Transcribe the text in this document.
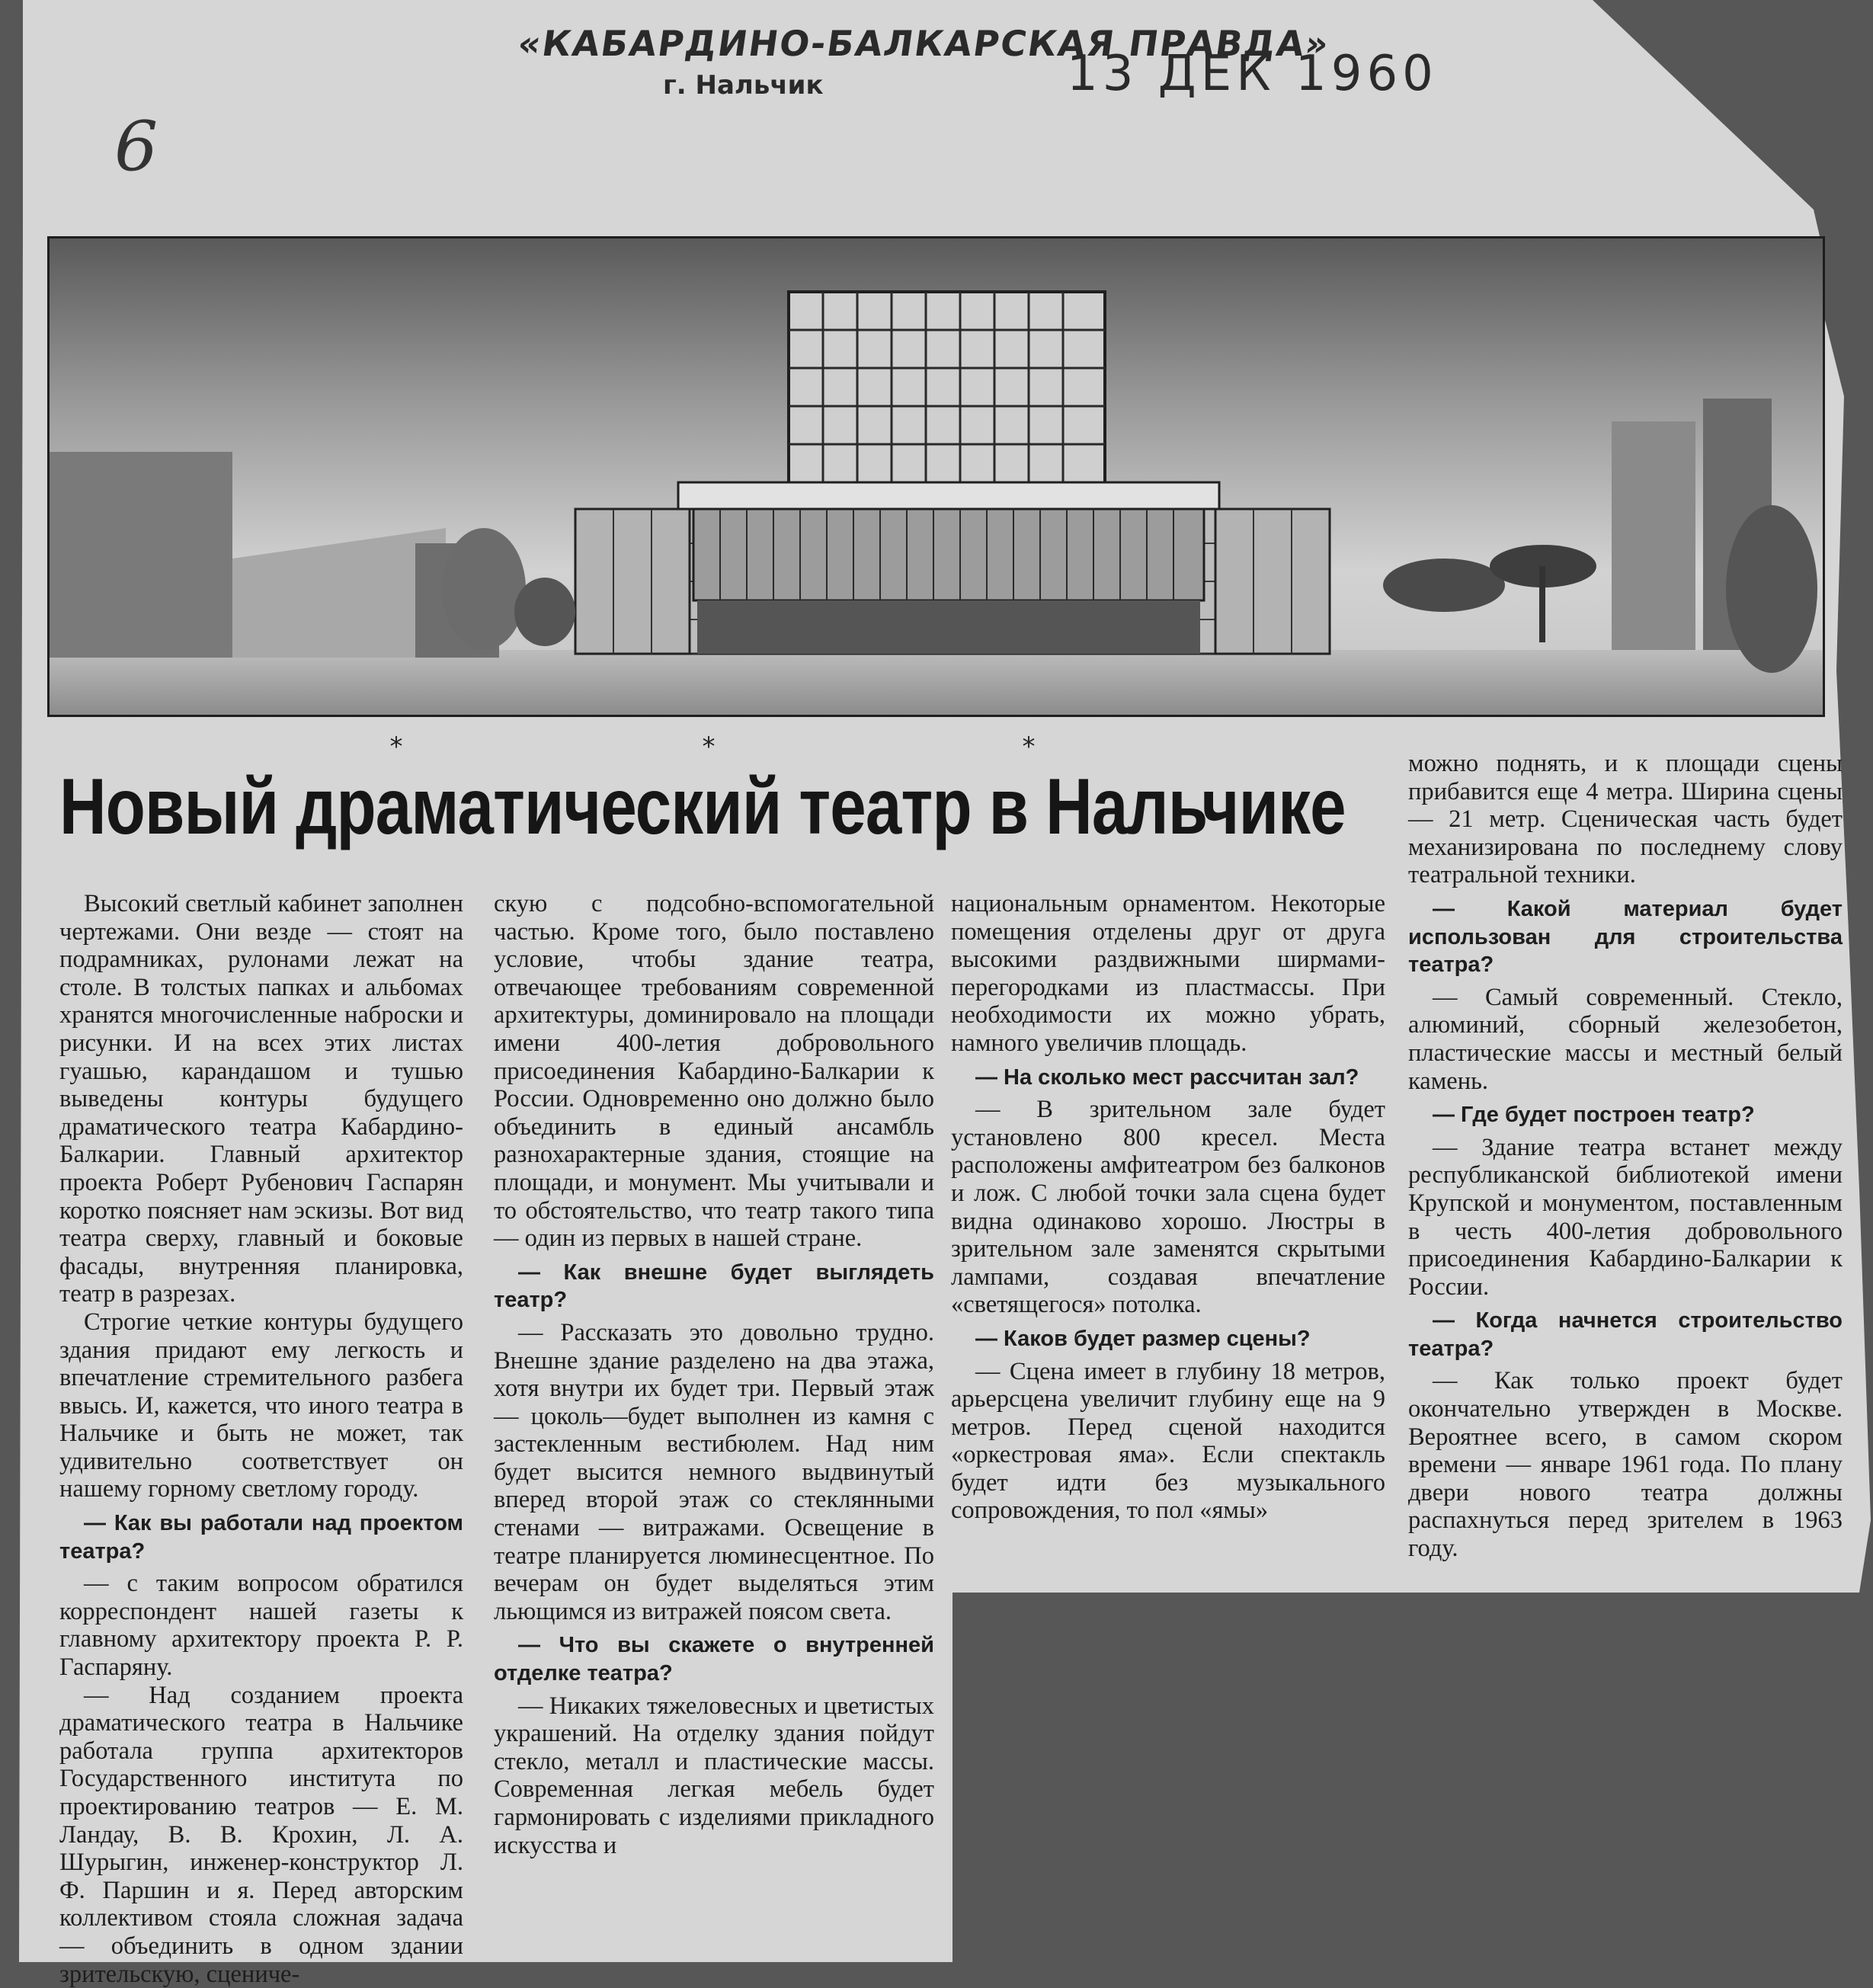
«КАБАРДИНО-БАЛКАРСКАЯ ПРАВДА»
г. Нальчик	13 ДЕК 1960
6
*	*	*
Новый драматический театр в Нальчике

Высокий светлый кабинет заполнен чертежами. Они везде — стоят на подрамниках, рулонами лежат на столе. В толстых папках и альбомах хранятся многочисленные наброски и рисунки. И на всех этих листах гуашью, карандашом и тушью выведены контуры будущего драматического театра Кабардино-Балкарии. Главный архитектор проекта Роберт Рубенович Гаспарян коротко поясняет нам эскизы. Вот вид театра сверху, главный и боковые фасады, внутренняя планировка, театр в разрезах.

Строгие четкие контуры будущего здания придают ему легкость и впечатление стремительного разбега ввысь. И, кажется, что иного театра в Нальчике и быть не может, так удивительно соответствует он нашему горному светлому городу.

— Как вы работали над проектом театра?

— с таким вопросом обратился корреспондент нашей газеты к главному архитектору проекта Р. Р. Гаспаряну.

— Над созданием проекта драматического театра в Нальчике работала группа архитекторов Государственного института по проектированию театров — Е. М. Ландау, В. В. Крохин, Л. А. Шурыгин, инженер-конструктор Л. Ф. Паршин и я. Перед авторским коллективом стояла сложная задача — объединить в одном здании зрительскую, сцениче-

скую с подсобно-вспомогательной частью. Кроме того, было поставлено условие, чтобы здание театра, отвечающее требованиям современной архитектуры, доминировало на площади имени 400-летия добровольного присоединения Кабардино-Балкарии к России. Одновременно оно должно было объединить в единый ансамбль разнохарактерные здания, стоящие на площади, и монумент. Мы учитывали и то обстоятельство, что театр такого типа — один из первых в нашей стране.

— Как внешне будет выглядеть театр?

— Рассказать это довольно трудно. Внешне здание разделено на два этажа, хотя внутри их будет три. Первый этаж — цоколь—будет выполнен из камня с застекленным вестибюлем. Над ним будет высится немного выдвинутый вперед второй этаж со стеклянными стенами — витражами. Освещение в театре планируется люминесцентное. По вечерам он будет выделяться этим льющимся из витражей поясом света.

— Что вы скажете о внутренней отделке театра?

— Никаких тяжеловесных и цветистых украшений. На отделку здания пойдут стекло, металл и пластические массы. Современная легкая мебель будет гармонировать с изделиями прикладного искусства и

национальным орнаментом. Некоторые помещения отделены друг от друга высокими раздвижными ширмами-перегородками из пластмассы. При необходимости их можно убрать, намного увеличив площадь.

— На сколько мест рассчитан зал?

— В зрительном зале будет установлено 800 кресел. Места расположены амфитеатром без балконов и лож. С любой точки зала сцена будет видна одинаково хорошо. Люстры в зрительном зале заменятся скрытыми лампами, создавая впечатление «светящегося» потолка.

— Каков будет размер сцены?

— Сцена имеет в глубину 18 метров, арьерсцена увеличит глубину еще на 9 метров. Перед сценой находится «оркестровая яма». Если спектакль будет идти без музыкального сопровождения, то пол «ямы»

можно поднять, и к площади сцены прибавится еще 4 метра. Ширина сцены — 21 метр. Сценическая часть будет механизирована по последнему слову театральной техники.

— Какой материал будет использован для строительства театра?

— Самый современный. Стекло, алюминий, сборный железобетон, пластические массы и местный белый камень.

— Где будет построен театр?

— Здание театра встанет между республиканской библиотекой имени Крупской и монументом, поставленным в честь 400-летия добровольного присоединения Кабардино-Балкарии к России.

— Когда начнется строительство театра?

— Как только проект будет окончательно утвержден в Москве. Вероятнее всего, в самом скором времени — январе 1961 года. По плану двери нового театра должны распахнуться перед зрителем в 1963 году.
